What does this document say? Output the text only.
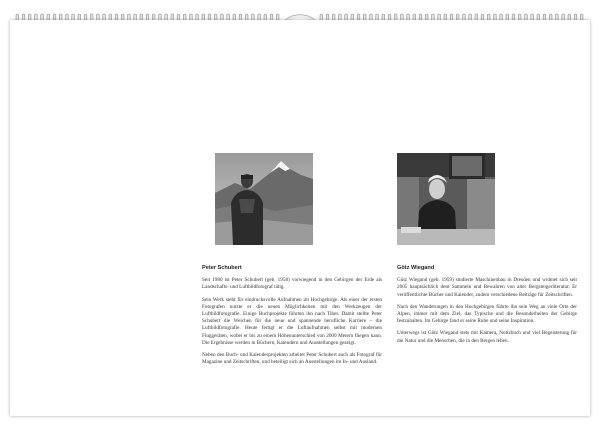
Peter Schubert

Seit 1980 ist Peter Schubert (geb. 1958) vorwiegend in den Gebirgen der Erde als Landschafts- und Luftbildfotograf tätig.

Sein Werk steht für eindrucksvolle Aufnahmen im Hochgebirge. Als einer der ersten Fotografen nutzte er die neuen Möglichkeiten mit den Werkzeugen der Luftbildfotografie. Einige Buchprojekte führten ihn nach Tibet. Damit stellte Peter Schubert die Weichen für die neue und spannende berufliche Karriere – die Luftbildfotografie. Heute fertigt er die Luftaufnahmen selbst mit modernen Fluggeräten, wobei er bis zu einem Höhenunterschied von 2000 Metern fliegen kann. Die Ergebnisse werden in Büchern, Kalendern und Ausstellungen gezeigt.

Neben den Buch- und Kalenderprojekten arbeitet Peter Schubert auch als Fotograf für Magazine und Zeitschriften, und beteiligt sich an Ausstellungen im In- und Ausland.

Götz Wiegand

Götz Wiegand (geb. 1959) studierte Maschinenbau in Dresden und widmet sich seit 2005 hauptsächlich dem Sammeln und Bewahren von alter Bergsteigerliteratur. Er veröffentlichte Bücher und Kalender, zudem verschiedene Beiträge für Zeitschriften.

Nach den Wanderungen in den Hochgebirgen führte ihn sein Weg an viele Orte der Alpen, immer mit dem Ziel, das Typische und die Besonderheiten der Gebirge festzuhalten. Im Gebirge fand er seine Ruhe und seine Inspiration.

Unterwegs ist Götz Wiegand stets mit Kamera, Notizbuch und viel Begeisterung für die Natur und die Menschen, die in den Bergen leben.
